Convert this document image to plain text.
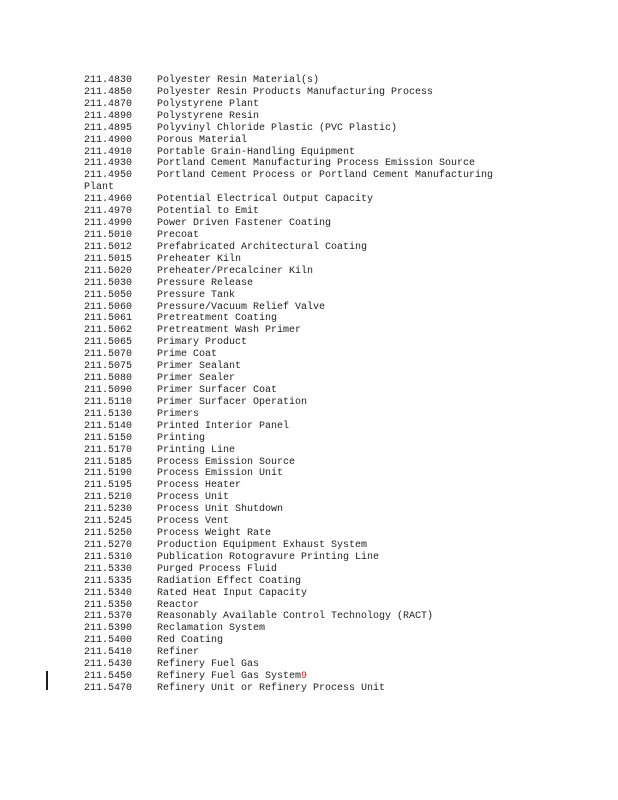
211.4830	Polyester Resin Material(s)
211.4850	Polyester Resin Products Manufacturing Process
211.4870	Polystyrene Plant
211.4890	Polystyrene Resin
211.4895	Polyvinyl Chloride Plastic (PVC Plastic)
211.4900	Porous Material
211.4910	Portable Grain-Handling Equipment
211.4930	Portland Cement Manufacturing Process Emission Source
211.4950	Portland Cement Process or Portland Cement Manufacturing
Plant
211.4960	Potential Electrical Output Capacity
211.4970	Potential to Emit
211.4990	Power Driven Fastener Coating
211.5010	Precoat
211.5012	Prefabricated Architectural Coating
211.5015	Preheater Kiln
211.5020	Preheater/Precalciner Kiln
211.5030	Pressure Release
211.5050	Pressure Tank
211.5060	Pressure/Vacuum Relief Valve
211.5061	Pretreatment Coating
211.5062	Pretreatment Wash Primer
211.5065	Primary Product
211.5070	Prime Coat
211.5075	Primer Sealant
211.5080	Primer Sealer
211.5090	Primer Surfacer Coat
211.5110	Primer Surfacer Operation
211.5130	Primers
211.5140	Printed Interior Panel
211.5150	Printing
211.5170	Printing Line
211.5185	Process Emission Source
211.5190	Process Emission Unit
211.5195	Process Heater
211.5210	Process Unit
211.5230	Process Unit Shutdown
211.5245	Process Vent
211.5250	Process Weight Rate
211.5270	Production Equipment Exhaust System
211.5310	Publication Rotogravure Printing Line
211.5330	Purged Process Fluid
211.5335	Radiation Effect Coating
211.5340	Rated Heat Input Capacity
211.5350	Reactor
211.5370	Reasonably Available Control Technology (RACT)
211.5390	Reclamation System
211.5400	Red Coating
211.5410	Refiner
211.5430	Refinery Fuel Gas
211.5450	Refinery Fuel Gas System 9
211.5470	Refinery Unit or Refinery Process Unit
